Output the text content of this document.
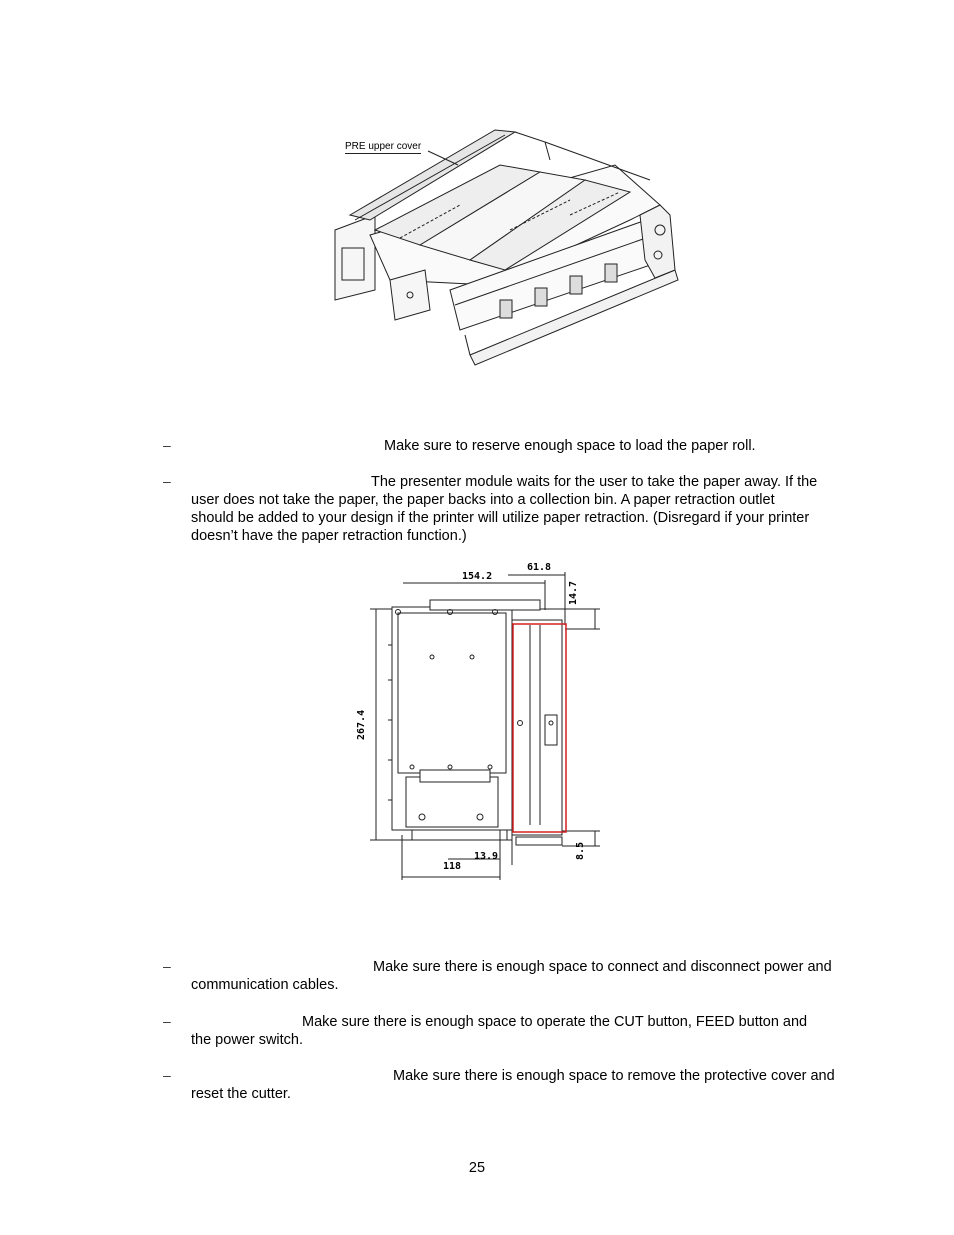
PRE upper cover
–	Make sure to reserve enough space to load the paper roll.
–	The presenter module waits for the user to take the paper away. If the
user does not take the paper, the paper backs into a collection bin. A paper retraction outlet
should be added to your design if the printer will utilize paper retraction. (Disregard if your printer
doesn’t have the paper retraction function.)
154.2
61.8
14.7
267.4
13.9
118
8.5
–	Make sure there is enough space to connect and disconnect power and
communication cables.
–	Make sure there is enough space to operate the CUT button, FEED button and
the power switch.
–	Make sure there is enough space to remove the protective cover and
reset the cutter.
25
